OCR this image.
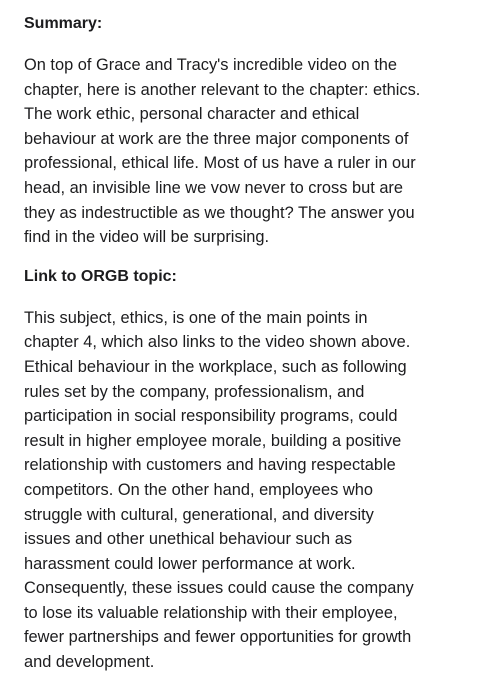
Summary:

On top of Grace and Tracy's incredible video on the
chapter, here is another relevant to the chapter: ethics.
The work ethic, personal character and ethical
behaviour at work are the three major components of
professional, ethical life. Most of us have a ruler in our
head, an invisible line we vow never to cross but are
they as indestructible as we thought? The answer you
find in the video will be surprising.

Link to ORGB topic:

This subject, ethics, is one of the main points in
chapter 4, which also links to the video shown above.
Ethical behaviour in the workplace, such as following
rules set by the company, professionalism, and
participation in social responsibility programs, could
result in higher employee morale, building a positive
relationship with customers and having respectable
competitors. On the other hand, employees who
struggle with cultural, generational, and diversity
issues and other unethical behaviour such as
harassment could lower performance at work.
Consequently, these issues could cause the company
to lose its valuable relationship with their employee,
fewer partnerships and fewer opportunities for growth
and development.
